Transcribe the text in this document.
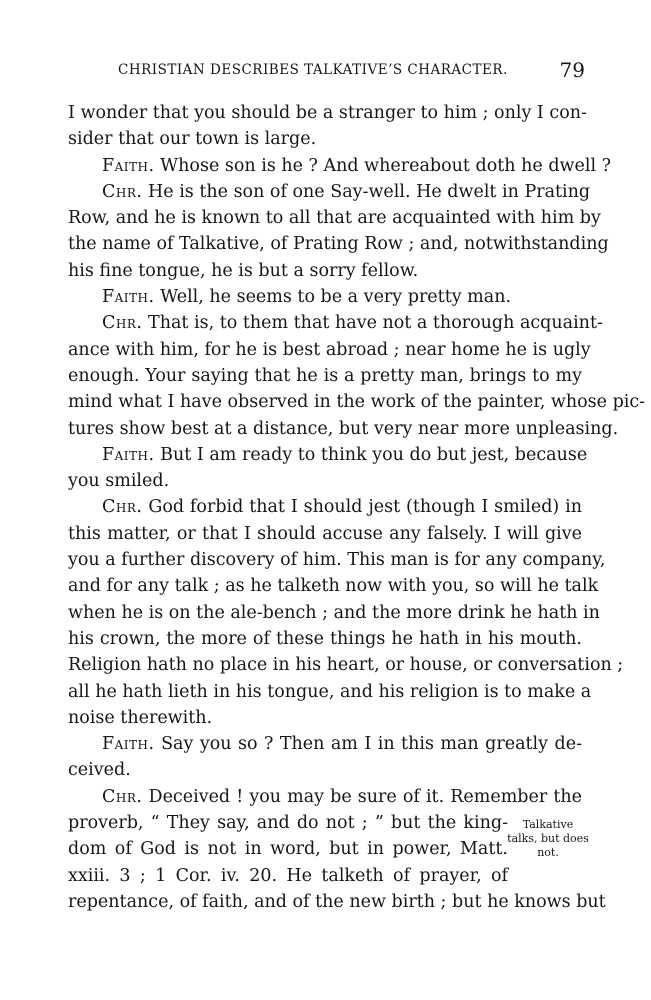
CHRISTIAN DESCRIBES TALKATIVE’S CHARACTER.	79
I wonder that you should be a stranger to him ; only I con-
sider that our town is large.
Faith. Whose son is he ? And whereabout doth he dwell ?
Chr. He is the son of one Say-well. He dwelt in Prating
Row, and he is known to all that are acquainted with him by
the name of Talkative, of Prating Row ; and, notwithstanding
his fine tongue, he is but a sorry fellow.
Faith. Well, he seems to be a very pretty man.
Chr. That is, to them that have not a thorough acquaint-
ance with him, for he is best abroad ; near home he is ugly
enough. Your saying that he is a pretty man, brings to my
mind what I have observed in the work of the painter, whose pic-
tures show best at a distance, but very near more unpleasing.
Faith. But I am ready to think you do but jest, because
you smiled.
Chr. God forbid that I should jest (though I smiled) in
this matter, or that I should accuse any falsely. I will give
you a further discovery of him. This man is for any company,
and for any talk ; as he talketh now with you, so will he talk
when he is on the ale-bench ; and the more drink he hath in
his crown, the more of these things he hath in his mouth.
Religion hath no place in his heart, or house, or conversation ;
all he hath lieth in his tongue, and his religion is to make a
noise therewith.
Faith. Say you so ? Then am I in this man greatly de-
ceived.
Chr. Deceived ! you may be sure of it. Remember the
proverb, “ They say, and do not ; ” but the king-
dom of God is not in word, but in power, Matt.
xxiii. 3 ; 1 Cor. iv. 20. He talketh of prayer, of
repentance, of faith, and of the new birth ; but he knows but
Talkative
talks, but does
not.
